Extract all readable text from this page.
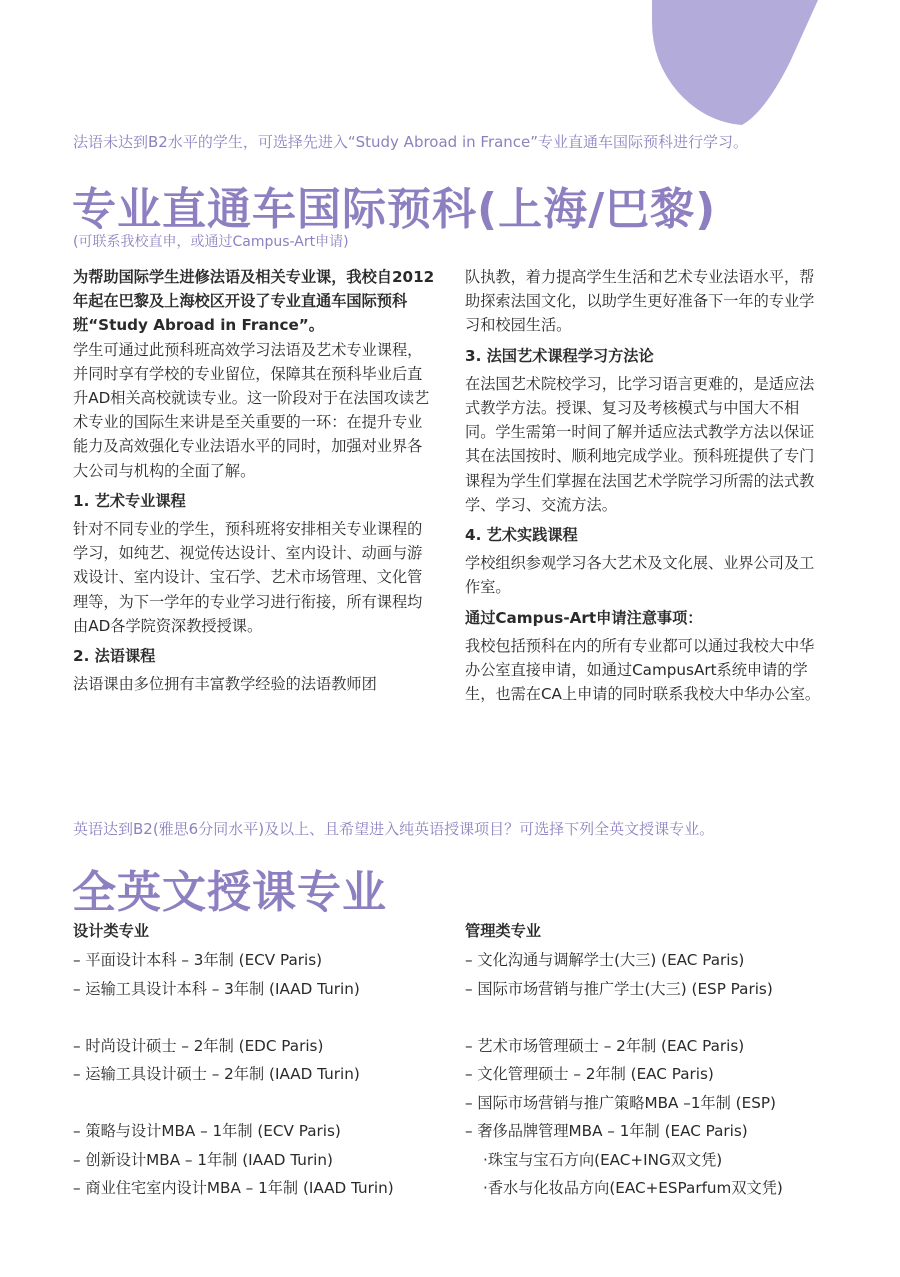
法语未达到B2水平的学生，可选择先进入“Study Abroad in France”专业直通车国际预科进行学习。
专业直通车国际预科(上海/巴黎)
(可联系我校直申，或通过Campus-Art申请)

为帮助国际学生进修法语及相关专业课，我校自2012年起在巴黎及上海校区开设了专业直通车国际预科班“Study Abroad in France”。

学生可通过此预科班高效学习法语及艺术专业课程，并同时享有学校的专业留位，保障其在预科毕业后直升AD相关高校就读专业。这一阶段对于在法国攻读艺术专业的国际生来讲是至关重要的一环：在提升专业能力及高效强化专业法语水平的同时，加强对业界各大公司与机构的全面了解。

1. 艺术专业课程

针对不同专业的学生，预科班将安排相关专业课程的学习，如纯艺、视觉传达设计、室内设计、动画与游戏设计、室内设计、宝石学、艺术市场管理、文化管理等，为下一学年的专业学习进行衔接，所有课程均由AD各学院资深教授授课。

2. 法语课程

法语课由多位拥有丰富教学经验的法语教师团

队执教，着力提高学生生活和艺术专业法语水平，帮助探索法国文化，以助学生更好准备下一年的专业学习和校园生活。

3. 法国艺术课程学习方法论

在法国艺术院校学习，比学习语言更难的，是适应法式教学方法。授课、复习及考核模式与中国大不相同。学生需第一时间了解并适应法式教学方法以保证其在法国按时、顺利地完成学业。预科班提供了专门课程为学生们掌握在法国艺术学院学习所需的法式教学、学习、交流方法。

4. 艺术实践课程

学校组织参观学习各大艺术及文化展、业界公司及工作室。

通过Campus-Art申请注意事项：

我校包括预科在内的所有专业都可以通过我校大中华办公室直接申请，如通过CampusArt系统申请的学生，也需在CA上申请的同时联系我校大中华办公室。

英语达到B2(雅思6分同水平)及以上、且希望进入纯英语授课项目？可选择下列全英文授课专业。
全英文授课专业
设计类专业
– 平面设计本科 – 3年制 (ECV Paris)
– 运输工具设计本科 – 3年制 (IAAD Turin)
– 时尚设计硕士 – 2年制 (EDC Paris)
– 运输工具设计硕士 – 2年制 (IAAD Turin)
– 策略与设计MBA – 1年制 (ECV Paris)
– 创新设计MBA – 1年制 (IAAD Turin)
– 商业住宅室内设计MBA – 1年制 (IAAD Turin)
管理类专业
– 文化沟通与调解学士(大三) (EAC Paris)
– 国际市场营销与推广学士(大三) (ESP Paris)
– 艺术市场管理硕士 – 2年制 (EAC Paris)
– 文化管理硕士 – 2年制 (EAC Paris)
– 国际市场营销与推广策略MBA –1年制 (ESP)
– 奢侈品牌管理MBA – 1年制 (EAC Paris)
·珠宝与宝石方向(EAC+ING双文凭)
·香水与化妆品方向(EAC+ESParfum双文凭)
